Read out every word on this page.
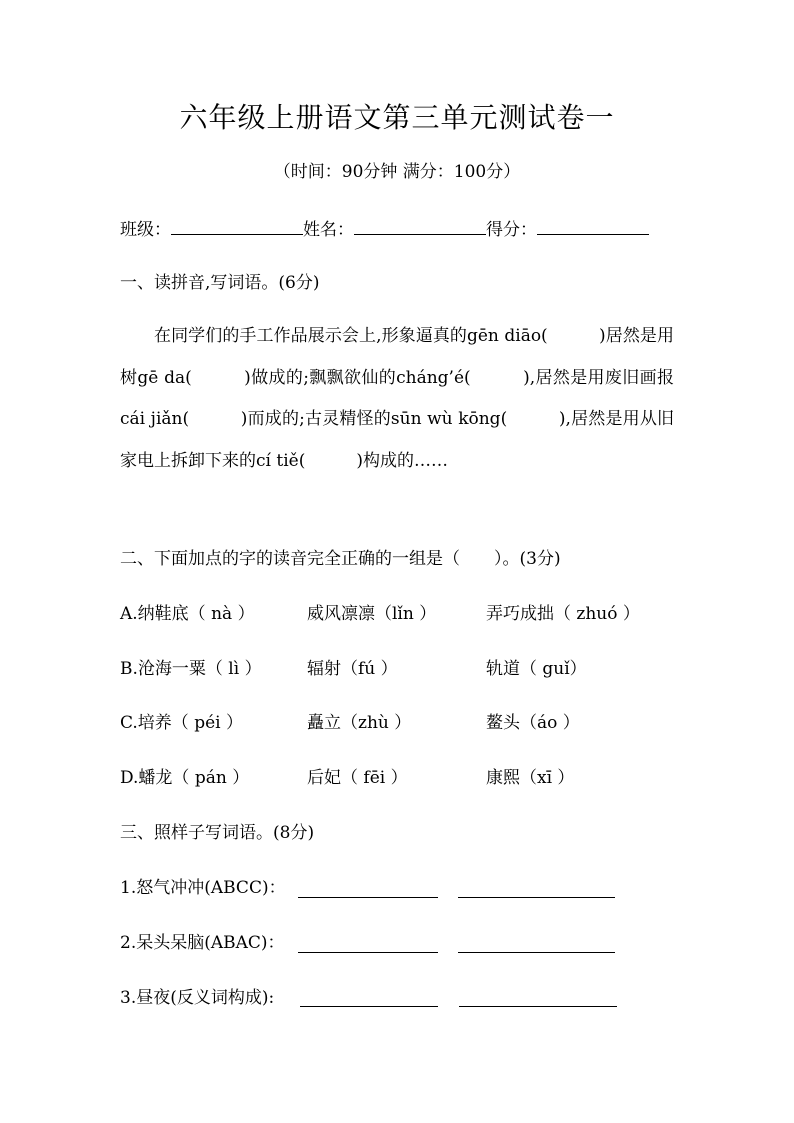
六年级上册语文第三单元测试卷一
（时间：90分钟 满分：100分）
班级：	姓名：	得分：
一、读拼音,写词语。(6分)
在同学们的手工作品展示会上,形象逼真的gēn diāo(　　　)居然是用树gē da(　　　)做成的;飘飘欲仙的cháng’é(　　　),居然是用废旧画报cái jiǎn(　　　)而成的;古灵精怪的sūn wù kōng(　　　),居然是用从旧家电上拆卸下来的cí tiě(　　　)构成的……
二、下面加点的字的读音完全正确的一组是（　　）。(3分)
A.纳鞋底（ nà ）	威风凛凛（lǐn ）	弄巧成拙（ zhuó ）
B.沧海一粟（ lì ）	辐射（fú ）	轨道（ guǐ）
C.培养（ péi ）	矗立（zhù ）	鳌头（áo ）
D.蟠龙（ pán ）	后妃（ fēi ）	康熙（xī ）
三、照样子写词语。(8分)
1.怒气冲冲(ABCC)：
2.呆头呆脑(ABAC)：
3.昼夜(反义词构成):
